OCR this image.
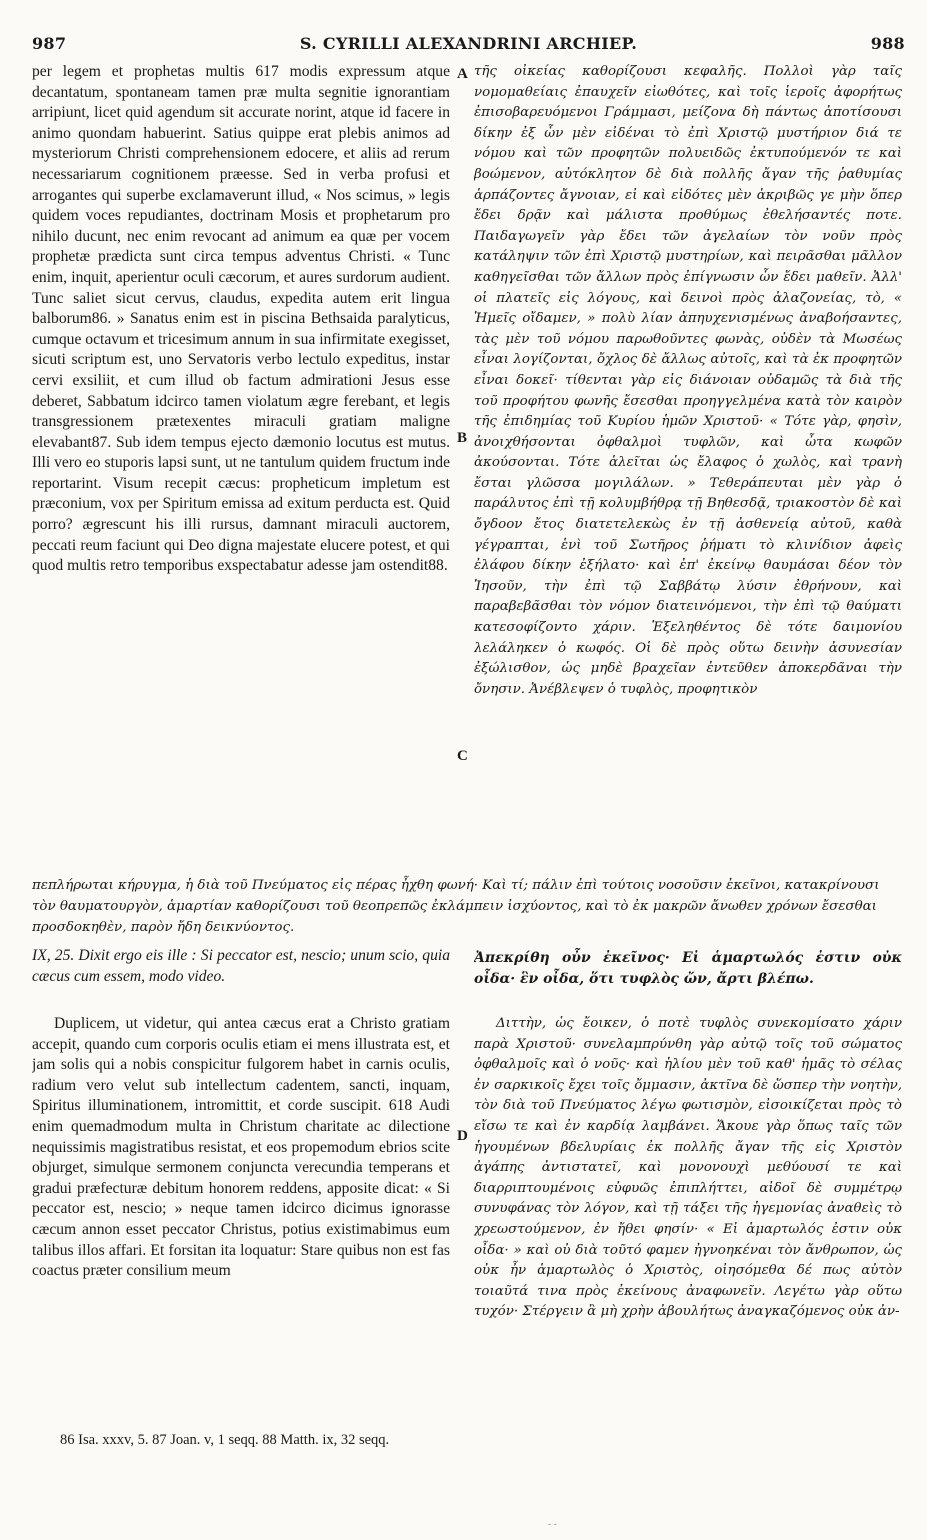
987	S. CYRILLI ALEXANDRINI ARCHIEP.	988

per legem et prophetas multis 617 modis expressum atque decantatum, spontaneam tamen præ multa segnitie ignorantiam arripiunt, licet quid agendum sit accurate norint, atque id facere in animo quondam habuerint. Satius quippe erat plebis animos ad mysteriorum Christi comprehensionem edocere, et aliis ad rerum necessariarum cognitionem præesse. Sed in verba profusi et arrogantes qui superbe exclamaverunt illud, « Nos scimus, » legis quidem voces repudiantes, doctrinam Mosis et prophetarum pro nihilo ducunt, nec enim revocant ad animum ea quæ per vocem prophetæ prædicta sunt circa tempus adventus Christi. « Tunc enim, inquit, aperientur oculi cæcorum, et aures surdorum audient. Tunc saliet sicut cervus, claudus, expedita autem erit lingua balborum86. » Sanatus enim est in piscina Bethsaida paralyticus, cumque octavum et tricesimum annum in sua infirmitate exegisset, sicuti scriptum est, uno Servatoris verbo lectulo expeditus, instar cervi exsiliit, et cum illud ob factum admirationi Jesus esse deberet, Sabbatum idcirco tamen violatum ægre ferebant, et legis transgressionem prætexentes miraculi gratiam maligne elevabant87. Sub idem tempus ejecto dæmonio locutus est mutus. Illi vero eo stuporis lapsi sunt, ut ne tantulum quidem fructum inde reportarint. Visum recepit cæcus: propheticum impletum est præconium, vox per Spiritum emissa ad exitum perducta est. Quid porro? ægrescunt his illi rursus, damnant miraculi auctorem, peccati reum faciunt qui Deo digna majestate elucere potest, et qui quod multis retro temporibus exspectabatur adesse jam ostendit88.

τῆς οἰκείας καθορίζουσι κεφαλῆς. Πολλοὶ γὰρ ταῖς νομομαθείαις ἐπαυχεῖν εἰωθότες, καὶ τοῖς ἱεροῖς ἀφορήτως ἐπισοβαρευόμενοι Γράμμασι, μείζονα δὴ πάντως ἀποτίσουσι δίκην ἐξ ὧν μὲν εἰδέναι τὸ ἐπὶ Χριστῷ μυστήριον διά τε νόμου καὶ τῶν προφητῶν πολυειδῶς ἐκτυπούμενόν τε καὶ βοώμενον, αὐτόκλητον δὲ διὰ πολλῆς ἄγαν τῆς ῥαθυμίας ἁρπάζοντες ἄγνοιαν, εἰ καὶ εἰδότες μὲν ἀκριβῶς γε μὴν ὅπερ ἔδει δρᾷν καὶ μάλιστα προθύμως ἐθελήσαντές ποτε. Παιδαγωγεῖν γὰρ ἔδει τῶν ἀγελαίων τὸν νοῦν πρὸς κατάληψιν τῶν ἐπὶ Χριστῷ μυστηρίων, καὶ πειρᾶσθαι μᾶλλον καθηγεῖσθαι τῶν ἄλλων πρὸς ἐπίγνωσιν ὧν ἔδει μαθεῖν. Ἀλλ' οἱ πλατεῖς εἰς λόγους, καὶ δεινοὶ πρὸς ἀλαζονείας, τὸ, « Ἡμεῖς οἴδαμεν, » πολὺ λίαν ἀπηυχενισμένως ἀναβοήσαντες, τὰς μὲν τοῦ νόμου παρωθοῦντες φωνὰς, οὐδὲν τὰ Μωσέως εἶναι λογίζονται, ὄχλος δὲ ἄλλως αὐτοῖς, καὶ τὰ ἐκ προφητῶν εἶναι δοκεῖ· τίθενται γὰρ εἰς διάνοιαν οὐδαμῶς τὰ διὰ τῆς τοῦ προφήτου φωνῆς ἔσεσθαι προηγγελμένα κατὰ τὸν καιρὸν τῆς ἐπιδημίας τοῦ Κυρίου ἡμῶν Χριστοῦ· « Τότε γὰρ, φησὶν, ἀνοιχθήσονται ὀφθαλμοὶ τυφλῶν, καὶ ὦτα κωφῶν ἀκούσονται. Τότε ἁλεῖται ὡς ἔλαφος ὁ χωλὸς, καὶ τρανὴ ἔσται γλῶσσα μογιλάλων. » Τεθεράπευται μὲν γὰρ ὁ παράλυτος ἐπὶ τῇ κολυμβήθρᾳ τῇ Βηθεσδᾷ, τριακοστὸν δὲ καὶ ὄγδοον ἔτος διατετελεκὼς ἐν τῇ ἀσθενείᾳ αὐτοῦ, καθὰ γέγραπται, ἑνὶ τοῦ Σωτῆρος ῥήματι τὸ κλινίδιον ἀφεὶς ἐλάφου δίκην ἐξήλατο· καὶ ἐπ' ἐκείνῳ θαυμάσαι δέον τὸν Ἰησοῦν, τὴν ἐπὶ τῷ Σαββάτῳ λύσιν ἐθρήνουν, καὶ παραβεβᾶσθαι τὸν νόμον διατεινόμενοι, τὴν ἐπὶ τῷ θαύματι κατεσοφίζοντο χάριν. Ἐξεληθέντος δὲ τότε δαιμονίου λελάληκεν ὁ κωφός. Οἱ δὲ πρὸς οὕτω δεινὴν ἀσυνεσίαν ἐξώλισθον, ὡς μηδὲ βραχεῖαν ἐντεῦθεν ἀποκερδᾶναι τὴν ὄνησιν. Ἀνέβλεψεν ὁ τυφλὸς, προφητικὸν

A
B
C
D

πεπλήρωται κήρυγμα, ἡ διὰ τοῦ Πνεύματος εἰς πέρας ἦχθη φωνή· Καὶ τί; πάλιν ἐπὶ τούτοις νοσοῦσιν ἐκεῖνοι, κατακρίνουσι τὸν θαυματουργὸν, ἁμαρτίαν καθορίζουσι τοῦ θεοπρεπῶς ἐκλάμπειν ἰσχύοντος, καὶ τὸ ἐκ μακρῶν ἄνωθεν χρόνων ἔσεσθαι προσδοκηθὲν, παρὸν ἤδη δεικνύοντος.

IX, 25. Dixit ergo eis ille : Si peccator est, nescio; unum scio, quia cæcus cum essem, modo video.

Ἀπεκρίθη οὖν ἐκεῖνος· Εἰ ἁμαρτωλός ἐστιν οὐκ οἶδα· ἓν οἶδα, ὅτι τυφλὸς ὤν, ἄρτι βλέπω.

Duplicem, ut videtur, qui antea cæcus erat a Christo gratiam accepit, quando cum corporis oculis etiam ei mens illustrata est, et jam solis qui a nobis conspicitur fulgorem habet in carnis oculis, radium vero velut sub intellectum cadentem, sancti, inquam, Spiritus illuminationem, intromittit, et corde suscipit. 618 Audi enim quemadmodum multa in Christum charitate ac dilectione nequissimis magistratibus resistat, et eos propemodum ebrios scite objurget, simulque sermonem conjuncta verecundia temperans et gradui præfecturæ debitum honorem reddens, apposite dicat: « Si peccator est, nescio; » neque tamen idcirco dicimus ignorasse cæcum annon esset peccator Christus, potius existimabimus eum talibus illos affari. Et forsitan ita loquatur: Stare quibus non est fas coactus præter consilium meum

Διττὴν, ὡς ἔοικεν, ὁ ποτὲ τυφλὸς συνεκομίσατο χάριν παρὰ Χριστοῦ· συνελαμπρύνθη γὰρ αὐτῷ τοῖς τοῦ σώματος ὀφθαλμοῖς καὶ ὁ νοῦς· καὶ ἡλίου μὲν τοῦ καθ' ἡμᾶς τὸ σέλας ἐν σαρκικοῖς ἔχει τοῖς ὄμμασιν, ἀκτῖνα δὲ ὥσπερ τὴν νοητὴν, τὸν διὰ τοῦ Πνεύματος λέγω φωτισμὸν, εἰσοικίζεται πρὸς τὸ εἴσω τε καὶ ἐν καρδίᾳ λαμβάνει. Ἄκουε γὰρ ὅπως ταῖς τῶν ἡγουμένων βδελυρίαις ἐκ πολλῆς ἄγαν τῆς εἰς Χριστὸν ἀγάπης ἀντιστατεῖ, καὶ μονονουχὶ μεθύουσί τε καὶ διαρριπτουμένοις εὐφυῶς ἐπιπλήττει, αἰδοῖ δὲ συμμέτρῳ συνυφάνας τὸν λόγον, καὶ τῇ τάξει τῆς ἡγεμονίας ἀναθεὶς τὸ χρεωστούμενον, ἐν ἤθει φησίν· « Εἰ ἁμαρτωλός ἐστιν οὐκ οἶδα· » καὶ οὐ διὰ τοῦτό φαμεν ἠγνοηκέναι τὸν ἄνθρωπον, ὡς οὐκ ἦν ἁμαρτωλὸς ὁ Χριστὸς, οἰησόμεθα δέ πως αὐτὸν τοιαῦτά τινα πρὸς ἐκείνους ἀναφωνεῖν. Λεγέτω γὰρ οὕτω τυχόν· Στέργειν ἃ μὴ χρὴν ἀβουλήτως ἀναγκαζόμενος οὐκ ἀν-

86 Isa. xxxv, 5. 87 Joan. v, 1 seqq. 88 Matth. ix, 32 seqq.
- -
